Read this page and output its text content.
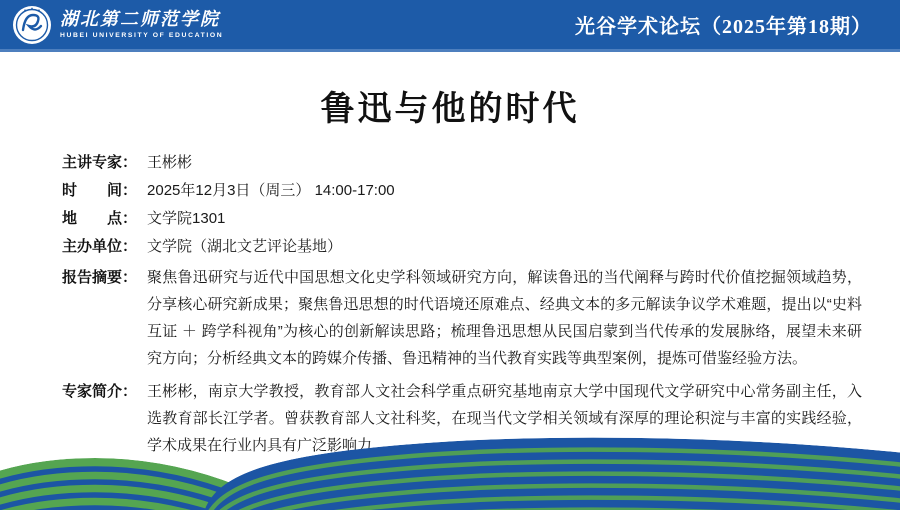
湖北第二师范学院
HUBEI UNIVERSITY OF EDUCATION	光谷学术论坛（2025年第18期）
鲁迅与他的时代
主讲专家： 王彬彬
时　　间： 2025年12月3日（周三） 14:00-17:00
地　　点： 文学院1301
主办单位： 文学院（湖北文艺评论基地）
报告摘要： 聚焦鲁迅研究与近代中国思想文化史学科领域研究方向，解读鲁迅的当代阐释与跨时代价值挖掘领域趋势，分享核心研究新成果；聚焦鲁迅思想的时代语境还原难点、经典文本的多元解读争议学术难题，提出以“史料互证 ＋ 跨学科视角”为核心的创新解读思路；梳理鲁迅思想从民国启蒙到当代传承的发展脉络，展望未来研究方向；分析经典文本的跨媒介传播、鲁迅精神的当代教育实践等典型案例，提炼可借鉴经验方法。
专家简介： 王彬彬，南京大学教授，教育部人文社会科学重点研究基地南京大学中国现代文学研究中心常务副主任，入选教育部长江学者。曾获教育部人文社科奖，在现当代文学相关领域有深厚的理论积淀与丰富的实践经验，学术成果在行业内具有广泛影响力。
